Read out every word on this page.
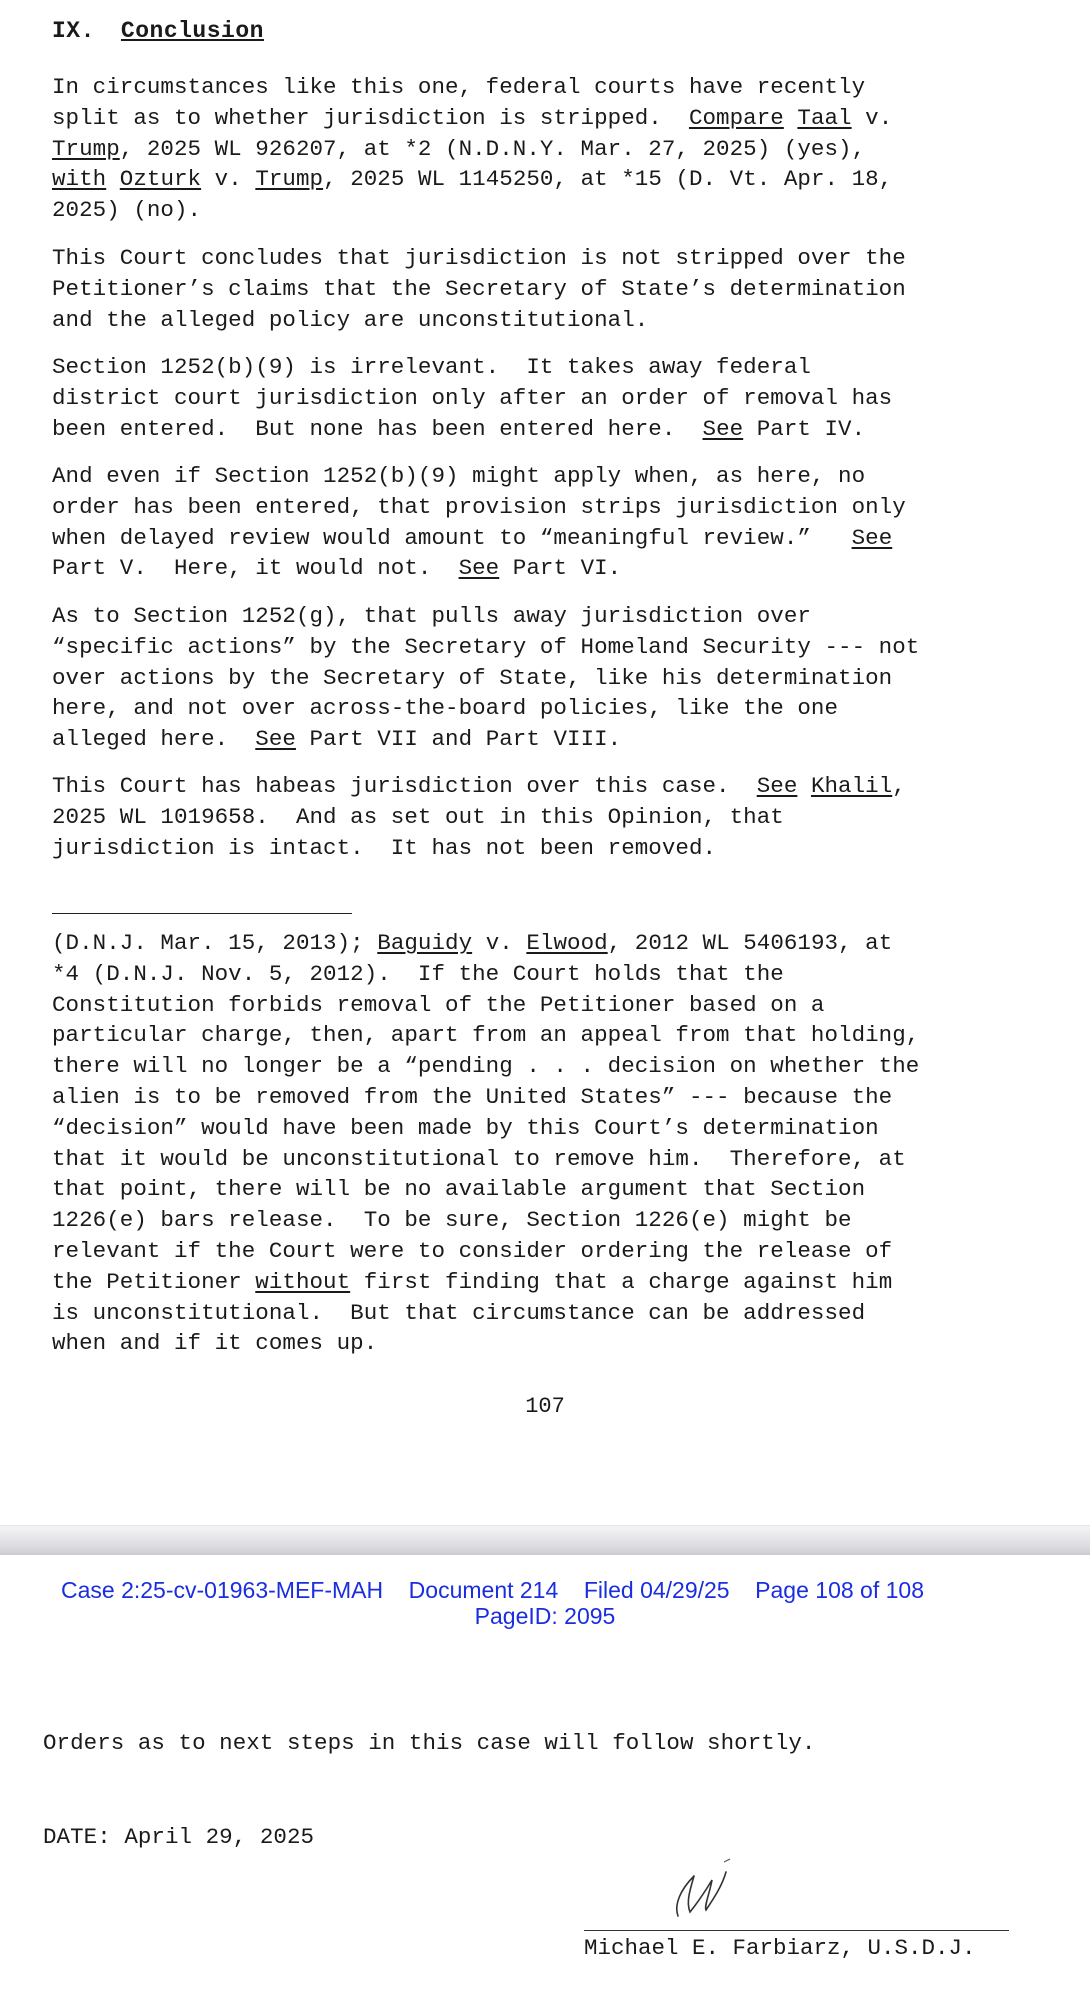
IX. Conclusion
In circumstances like this one, federal courts have recently
split as to whether jurisdiction is stripped.  Compare Taal v.
Trump, 2025 WL 926207, at *2 (N.D.N.Y. Mar. 27, 2025) (yes),
with Ozturk v. Trump, 2025 WL 1145250, at *15 (D. Vt. Apr. 18,
2025) (no).
This Court concludes that jurisdiction is not stripped over the
Petitioner’s claims that the Secretary of State’s determination
and the alleged policy are unconstitutional.
Section 1252(b)(9) is irrelevant.  It takes away federal
district court jurisdiction only after an order of removal has
been entered.  But none has been entered here.  See Part IV.
And even if Section 1252(b)(9) might apply when, as here, no
order has been entered, that provision strips jurisdiction only
when delayed review would amount to “meaningful review.”   See
Part V.  Here, it would not.  See Part VI.
As to Section 1252(g), that pulls away jurisdiction over
“specific actions” by the Secretary of Homeland Security --- not
over actions by the Secretary of State, like his determination
here, and not over across-the-board policies, like the one
alleged here.  See Part VII and Part VIII.
This Court has habeas jurisdiction over this case.  See Khalil,
2025 WL 1019658.  And as set out in this Opinion, that
jurisdiction is intact.  It has not been removed.
(D.N.J. Mar. 15, 2013); Baguidy v. Elwood, 2012 WL 5406193, at
*4 (D.N.J. Nov. 5, 2012).  If the Court holds that the
Constitution forbids removal of the Petitioner based on a
particular charge, then, apart from an appeal from that holding,
there will no longer be a “pending . . . decision on whether the
alien is to be removed from the United States” --- because the
“decision” would have been made by this Court’s determination
that it would be unconstitutional to remove him.  Therefore, at
that point, there will be no available argument that Section
1226(e) bars release.  To be sure, Section 1226(e) might be
relevant if the Court were to consider ordering the release of
the Petitioner without first finding that a charge against him
is unconstitutional.  But that circumstance can be addressed
when and if it comes up.
107
Case 2:25-cv-01963-MEF-MAH Document 214 Filed 04/29/25 Page 108 of 108
PageID: 2095
Orders as to next steps in this case will follow shortly.
DATE: April 29, 2025
Michael E. Farbiarz, U.S.D.J.
